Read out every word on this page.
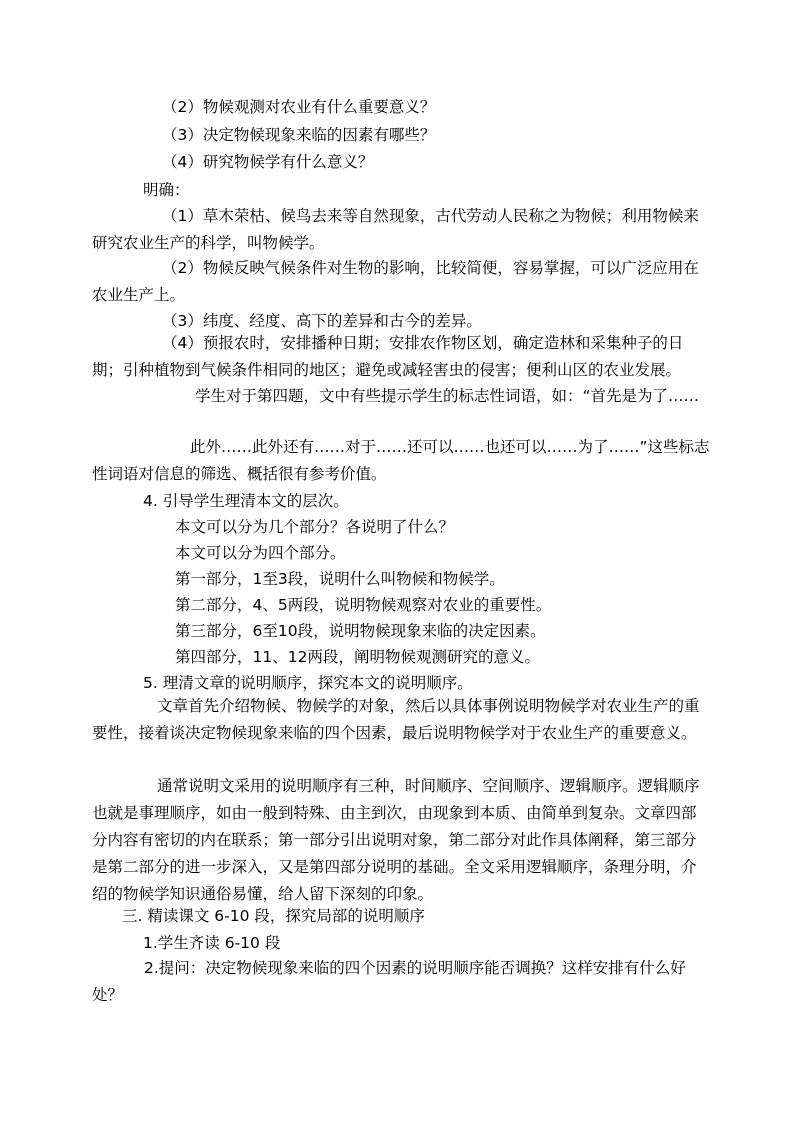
（2）物候观测对农业有什么重要意义？
（3）决定物候现象来临的因素有哪些？
（4）研究物候学有什么意义？
明确：
（1）草木荣枯、候鸟去来等自然现象，古代劳动人民称之为物候；利用物候来研究农业生产的科学，叫物候学。
（2）物候反映气候条件对生物的影响，比较简便，容易掌握，可以广泛应用在农业生产上。
（3）纬度、经度、高下的差异和古今的差异。
（4）预报农时，安排播种日期；安排农作物区划，确定造林和采集种子的日期；引种植物到气候条件相同的地区；避免或减轻害虫的侵害；便利山区的农业发展。
学生对于第四题，文中有些提示学生的标志性词语，如：“首先是为了……
此外……此外还有……对于……还可以……也还可以……为了……”这些标志性词语对信息的筛选、概括很有参考价值。
4. 引导学生理清本文的层次。
本文可以分为几个部分？各说明了什么？
本文可以分为四个部分。
第一部分，1至3段，说明什么叫物候和物候学。
第二部分，4、5两段，说明物候观察对农业的重要性。
第三部分，6至10段，说明物候现象来临的决定因素。
第四部分，11、12两段，阐明物候观测研究的意义。
5. 理清文章的说明顺序，探究本文的说明顺序。
文章首先介绍物候、物候学的对象，然后以具体事例说明物候学对农业生产的重要性，接着谈决定物候现象来临的四个因素，最后说明物候学对于农业生产的重要意义。
通常说明文采用的说明顺序有三种，时间顺序、空间顺序、逻辑顺序。逻辑顺序也就是事理顺序，如由一般到特殊、由主到次，由现象到本质、由简单到复杂。文章四部分内容有密切的内在联系；第一部分引出说明对象，第二部分对此作具体阐释，第三部分是第二部分的进一步深入，又是第四部分说明的基础。全文采用逻辑顺序，条理分明，介绍的物候学知识通俗易懂，给人留下深刻的印象。
三. 精读课文 6-10 段，探究局部的说明顺序
1.学生齐读 6-10 段
2.提问：决定物候现象来临的四个因素的说明顺序能否调换？这样安排有什么好处？
